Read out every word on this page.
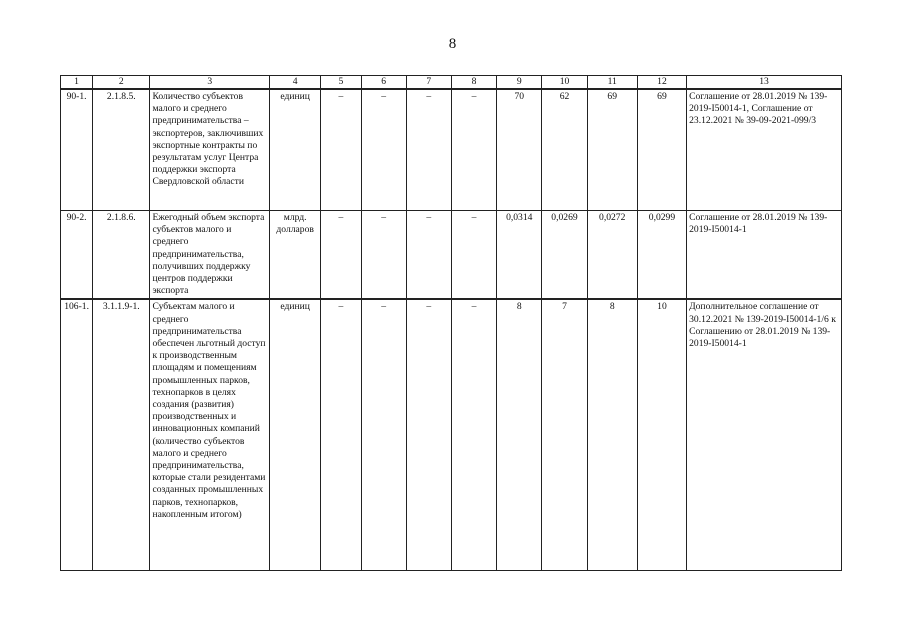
8
1	2	3	4	5	6	7	8	9	10	11	12	13
90-1.	2.1.8.5.	Количество субъектов малого и среднего предпринимательства – экспортеров, заключивших экспортные контракты по результатам услуг Центра поддержки экспорта Свердловской области	единиц	–	–	–	–	70	62	69	69	Соглашение от 28.01.2019 № 139-2019-I50014-1, Соглашение от 23.12.2021 № 39-09-2021-099/3
90-2.	2.1.8.6.	Ежегодный объем экспорта субъектов малого и среднего предпринимательства, получивших поддержку центров поддержки экспорта	млрд. долларов	–	–	–	–	0,0314	0,0269	0,0272	0,0299	Соглашение от 28.01.2019 № 139-2019-I50014-1
106-1.	3.1.1.9-1.	Субъектам малого и среднего предпринимательства обеспечен льготный доступ к производственным площадям и помещениям промышленных парков, технопарков в целях создания (развития) производственных и инновационных компаний (количество субъектов малого и среднего предпринимательства, которые стали резидентами созданных промышленных парков, технопарков, накопленным итогом)	единиц	–	–	–	–	8	7	8	10	Дополнительное соглашение от 30.12.2021 № 139-2019-I50014-1/6 к Соглашению от 28.01.2019 № 139-2019-I50014-1
